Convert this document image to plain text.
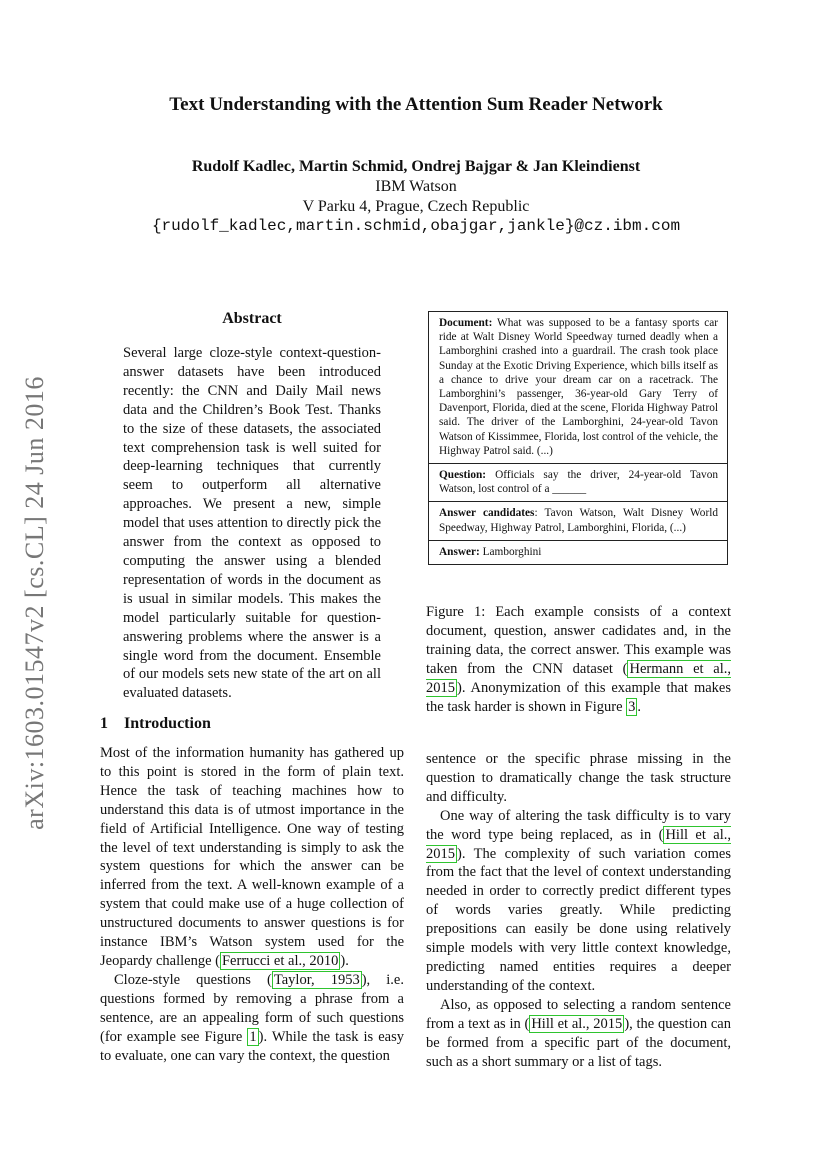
arXiv:1603.01547v2 [cs.CL] 24 Jun 2016
Text Understanding with the Attention Sum Reader Network
Rudolf Kadlec, Martin Schmid, Ondrej Bajgar & Jan Kleindienst
IBM Watson
V Parku 4, Prague, Czech Republic
{rudolf_kadlec,martin.schmid,obajgar,jankle}@cz.ibm.com
Abstract
Several large cloze-style context-question-answer datasets have been introduced recently: the CNN and Daily Mail news data and the Children’s Book Test. Thanks to the size of these datasets, the associated text comprehension task is well suited for deep-learning techniques that currently seem to outperform all alternative approaches. We present a new, simple model that uses attention to directly pick the answer from the context as opposed to computing the answer using a blended representation of words in the document as is usual in similar models. This makes the model particularly suitable for question-answering problems where the answer is a single word from the document. Ensemble of our models sets new state of the art on all evaluated datasets.
Document: What was supposed to be a fantasy sports car ride at Walt Disney World Speedway turned deadly when a Lamborghini crashed into a guardrail. The crash took place Sunday at the Exotic Driving Experience, which bills itself as a chance to drive your dream car on a racetrack. The Lamborghini’s passenger, 36-year-old Gary Terry of Davenport, Florida, died at the scene, Florida Highway Patrol said. The driver of the Lamborghini, 24-year-old Tavon Watson of Kissimmee, Florida, lost control of the vehicle, the Highway Patrol said. (...)
Question: Officials say the driver, 24-year-old Tavon Watson, lost control of a ______
Answer candidates: Tavon Watson, Walt Disney World Speedway, Highway Patrol, Lamborghini, Florida, (...)
Answer: Lamborghini
Figure 1: Each example consists of a context document, question, answer cadidates and, in the training data, the correct answer. This example was taken from the CNN dataset ( Hermann et al., 2015 ). Anonymization of this example that makes the task harder is shown in Figure 3 .
1 Introduction

Most of the information humanity has gathered up to this point is stored in the form of plain text. Hence the task of teaching machines how to understand this data is of utmost importance in the field of Artificial Intelligence. One way of testing the level of text understanding is simply to ask the system questions for which the answer can be inferred from the text. A well-known example of a system that could make use of a huge collection of unstructured documents to answer questions is for instance IBM’s Watson system used for the Jeopardy challenge ( Ferrucci et al., 2010 ).

Cloze-style questions ( Taylor, 1953 ), i.e. questions formed by removing a phrase from a sentence, are an appealing form of such questions (for example see Figure 1 ). While the task is easy to evaluate, one can vary the context, the question

sentence or the specific phrase missing in the question to dramatically change the task structure and difficulty.

One way of altering the task difficulty is to vary the word type being replaced, as in ( Hill et al., 2015 ). The complexity of such variation comes from the fact that the level of context understanding needed in order to correctly predict different types of words varies greatly. While predicting prepositions can easily be done using relatively simple models with very little context knowledge, predicting named entities requires a deeper understanding of the context.

Also, as opposed to selecting a random sentence from a text as in ( Hill et al., 2015 ), the question can be formed from a specific part of the document, such as a short summary or a list of tags.
